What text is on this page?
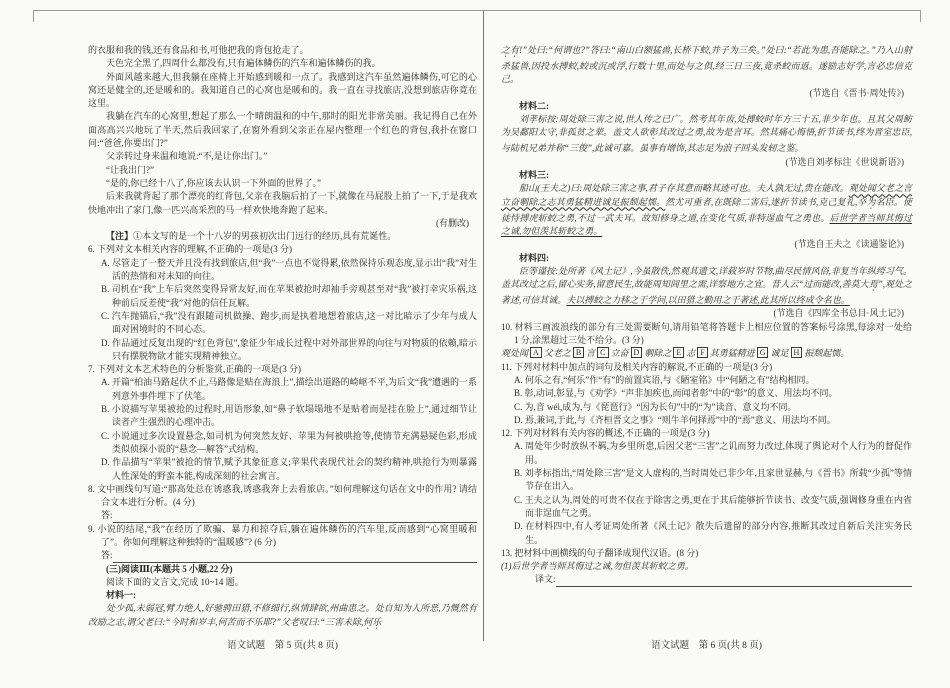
的衣服和我的钱,还有食品和书,可他把我的背包抢走了。
天色完全黑了,四周什么都没有,只有遍体鳞伤的汽车和遍体鳞伤的我。
外面风越来越大,但我躺在座椅上开始感到暖和一点了。我感到这汽车虽然遍体鳞伤,可它的心窝还是健全的,还是暖和的。我知道自己的心窝也是暖和的。我一直在寻找旅店,没想到旅店你竟在这里。
我躺在汽车的心窝里,想起了那么一个晴朗温和的中午,那时的阳光非常美丽。我记得自己在外面高高兴兴地玩了半天,然后我回家了,在窗外看到父亲正在屋内整理一个红色的背包,我扑在窗口问:“爸爸,你要出门?”
父亲转过身来温和地说:“不,是让你出门。”
“让我出门?”
“是的,你已经十八了,你应该去认识一下外面的世界了。”
后来我就背起了那个漂亮的红背包,父亲在我脑后拍了一下,就像在马屁股上拍了一下,于是我欢快地冲出了家门,像一匹兴高采烈的马一样欢快地奔跑了起来。
(有删改)
【注】①本文写的是一个十八岁的男孩初次出门远行的经历,具有荒诞性。
6. 下列对文本相关内容的理解,不正确的一项是(3 分)
A. 尽管走了一整天并且没有找到旅店,但“我”一点也不觉得累,依然保持乐观态度,显示出“我”对生活的热情和对未知的向往。
B. 司机在“我”上车后突然变得异常友好,而在苹果被抢时却袖手旁观甚至对“我”被打幸灾乐祸,这种前后反差使“我”对他的信任瓦解。
C. 汽车抛锚后,“我”没有跟随司机做操、跑步,而是执着地想着旅店,这一对比暗示了少年与成人面对困境时的不同心态。
D. 作品通过反复出现的“红色背包”,象征少年成长过程中对外部世界的向往与对物质的依赖,暗示只有摆脱物欲才能实现精神独立。
7. 下列对文本艺术特色的分析鉴赏,正确的一项是(3 分)
A. 开篇“柏油马路起伏不止,马路像是贴在海浪上”,描绘出道路的崎岖不平,为后文“我”遭遇的一系列意外事件埋下了伏笔。
B. 小说描写苹果被抢的过程时,用语形象,如“鼻子软塌塌地不是贴着而是挂在脸上”,通过细节让读者产生强烈的心理冲击。
C. 小说通过多次设置悬念,如司机为何突然友好、苹果为何被哄抢等,使情节充满悬疑色彩,形成类似侦探小说的“悬念—解答”式结构。
D. 作品描写“苹果”被抢的情节,赋予其象征意义;苹果代表现代社会的契约精神,哄抢行为则暴露人性深处的野蛮本能,构成深刻的社会寓言。
8. 文中画线句写道:“那高处总在诱惑我,诱惑我奔上去看旅店。”如何理解这句话在文中的作用? 请结合文本进行分析。(4 分)
答:
9. 小说的结尾,“我”在经历了欺骗、暴力和掠夺后,躺在遍体鳞伤的汽车里,反而感到“心窝里暖和了”。你如何理解这种独特的“温暖感”? (6 分)
答:
(三)阅读Ⅲ(本题共 5 小题,22 分)
阅读下面的文言文,完成 10~14 题。
材料一:
处少孤,未弱冠,臂力绝人,好驰骋田猎,不修细行,纵情肆欲,州曲患之。处自知为人所恶,乃慨然有改励之志,谓父老曰:“今时和岁丰,何苦而不乐耶?”父老叹曰:“三害未除,何乐
之有!”处曰:“何谓也?”答曰:“南山白额猛兽,长桥下蛟,并子为三矣。”处曰:“若此为患,吾能除之。”乃入山射杀猛兽,因投水搏蛟,蛟或沉或浮,行数十里,而处与之俱,经三日三夜,竟杀蛟而返。遂励志好学,言必忠信克己。
(节选自《晋书·周处传》)
材料二:
刘孝标按:周处除三害之说,世人传之已广。然考其年齿,处搏蛟时年方三十五,非少年也。且其父周鲂为吴鄱阳太守,非孤贫之辈。盖文人欲彰其改过之勇,故为是言耳。然其痛心悔悟,折节读书,终为晋室忠臣,与陆机兄弟并称“三俊”,此诚可嘉。虽事有增饰,其志足为浪子回头发轫之鉴。
(节选自刘孝标注《世说新语》)
材料三:
船山(王夫之)曰:周处除三害之事,君子存其意而略其迹可也。夫人孰无过,贵在能改。观处闻父老之言立奋剸除之志其勇猛精进诚足振颓起懦。然尤可重者,在既除二害后,遂折节读书,克己复礼,卒为名臣。使徒恃搏虎斩蛟之勇,不过一武夫耳。故知修身之道,在变化气质,非特逞血气之勇也。后世学者当师其悔过之诚,勿但羡其斩蛟之勇。
(节选自王夫之《读通鉴论》)
材料四:
臣等谨按:处所著《风土记》,今虽散佚,然观其遗文,详载岁时节物,曲尽民情风俗,非复当年纵绔习气。盖其改过之后,留心实务,留意民生,故能周知闾里之需,详察地方之宜。昔人云“过而能改,善莫大焉”,观处之著述,可信其诚。夫以搏蛟之力移之于学问,以田猎之勤用之于著述,此其所以终成令名也。
(节选自《四库全书总目·风土记》)
10. 材料三画波浪线的部分有三处需要断句,请用铅笔将答题卡上相应位置的答案标号涂黑,每涂对一处给 1 分,涂黑超过三处不给分。(3 分)
观处闻 A 父老之 B 言 C 立奋 D 剸除之 E 志 F 其勇猛精进 G 诚足 H 振颓起懦。
11. 下列对材料中加点的词句及相关内容的解说,不正确的一项是(3 分)
A. 何乐之有,“何乐”作“有”的前置宾语,与《陋室铭》中“何陋之有”结构相同。
B. 彰,动词,彰显,与《劝学》“声非加疾也,而闻者彰”中的“彰”的意义、用法均不同。
C. 为,音 wéi,成为,与《琵琶行》“因为长句”中的“为”读音、意义均不同。
D. 焉,兼词,于此,与《齐桓晋文之事》“则牛羊何择焉”中的“焉”意义、用法均不同。
12. 下列对材料有关内容的概述,不正确的一项是(3 分)
A. 周处年少时放纵不羁,为乡里所患,后因父老“三害”之讥而努力改过,体现了舆论对个人行为的督促作用。
B. 刘孝标指出,“周处除三害”是文人虚构的,当时周处已非少年,且家世显赫,与《晋书》所载“少孤”等情节存在出入。
C. 王夫之认为,周处的可贵不仅在于除害之勇,更在于其后能够折节读书、改变气质,强调修身重在内省而非逞血气之勇。
D. 在材料四中,有人考证周处所著《风土记》散失后遗留的部分内容,推断其改过自新后关注实务民生。
13. 把材料中画横线的句子翻译成现代汉语。(8 分)
(1)后世学者当师其悔过之诚,勿但羡其斩蛟之勇。
译文:
语文试题　第 5 页(共 8 页)	语文试题　第 6 页(共 8 页)
